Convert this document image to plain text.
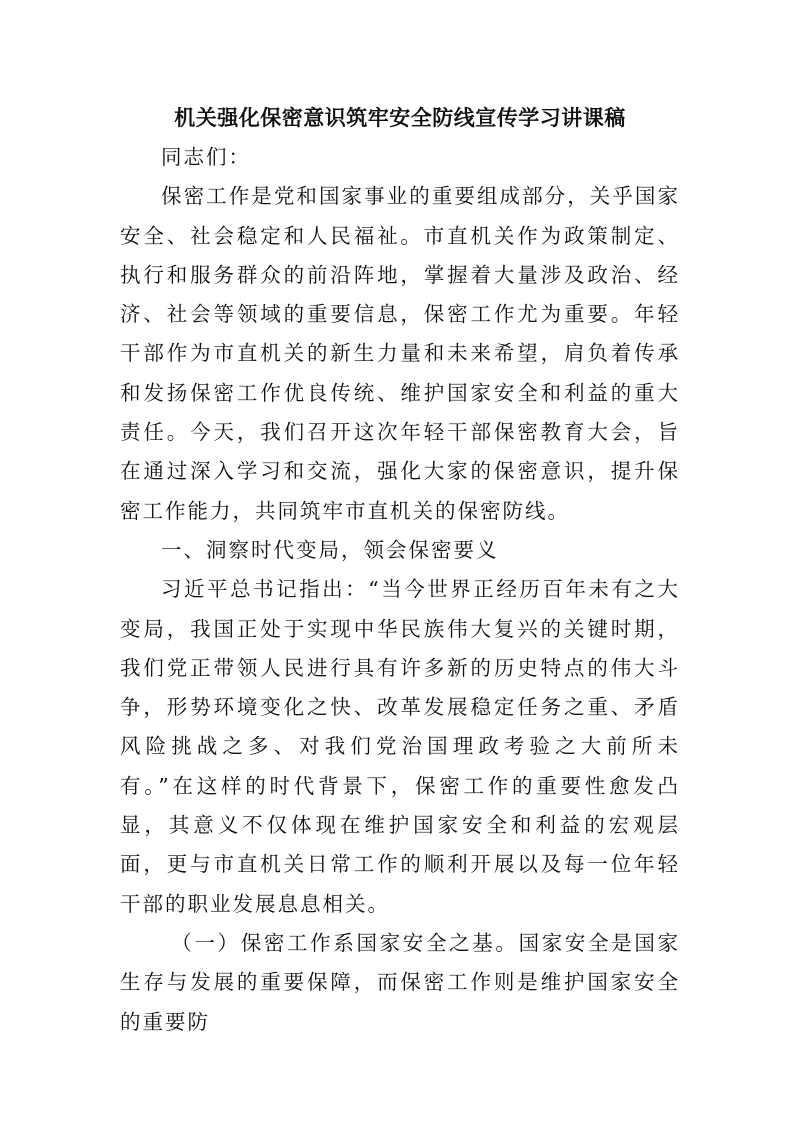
机关强化保密意识筑牢安全防线宣传学习讲课稿

同志们：

保密工作是党和国家事业的重要组成部分，关乎国家安全、社会稳定和人民福祉。市直机关作为政策制定、执行和服务群众的前沿阵地，掌握着大量涉及政治、经济、社会等领域的重要信息，保密工作尤为重要。年轻干部作为市直机关的新生力量和未来希望，肩负着传承和发扬保密工作优良传统、维护国家安全和利益的重大责任。今天，我们召开这次年轻干部保密教育大会，旨在通过深入学习和交流，强化大家的保密意识，提升保密工作能力，共同筑牢市直机关的保密防线。

一、洞察时代变局，领会保密要义

习近平总书记指出：“当今世界正经历百年未有之大变局，我国正处于实现中华民族伟大复兴的关键时期，我们党正带领人民进行具有许多新的历史特点的伟大斗争，形势环境变化之快、改革发展稳定任务之重、矛盾风险挑战之多、对我们党治国理政考验之大前所未有。”在这样的时代背景下，保密工作的重要性愈发凸显，其意义不仅体现在维护国家安全和利益的宏观层面，更与市直机关日常工作的顺利开展以及每一位年轻干部的职业发展息息相关。

（一）保密工作系国家安全之基。国家安全是国家生存与发展的重要保障，而保密工作则是维护国家安全的重要防
